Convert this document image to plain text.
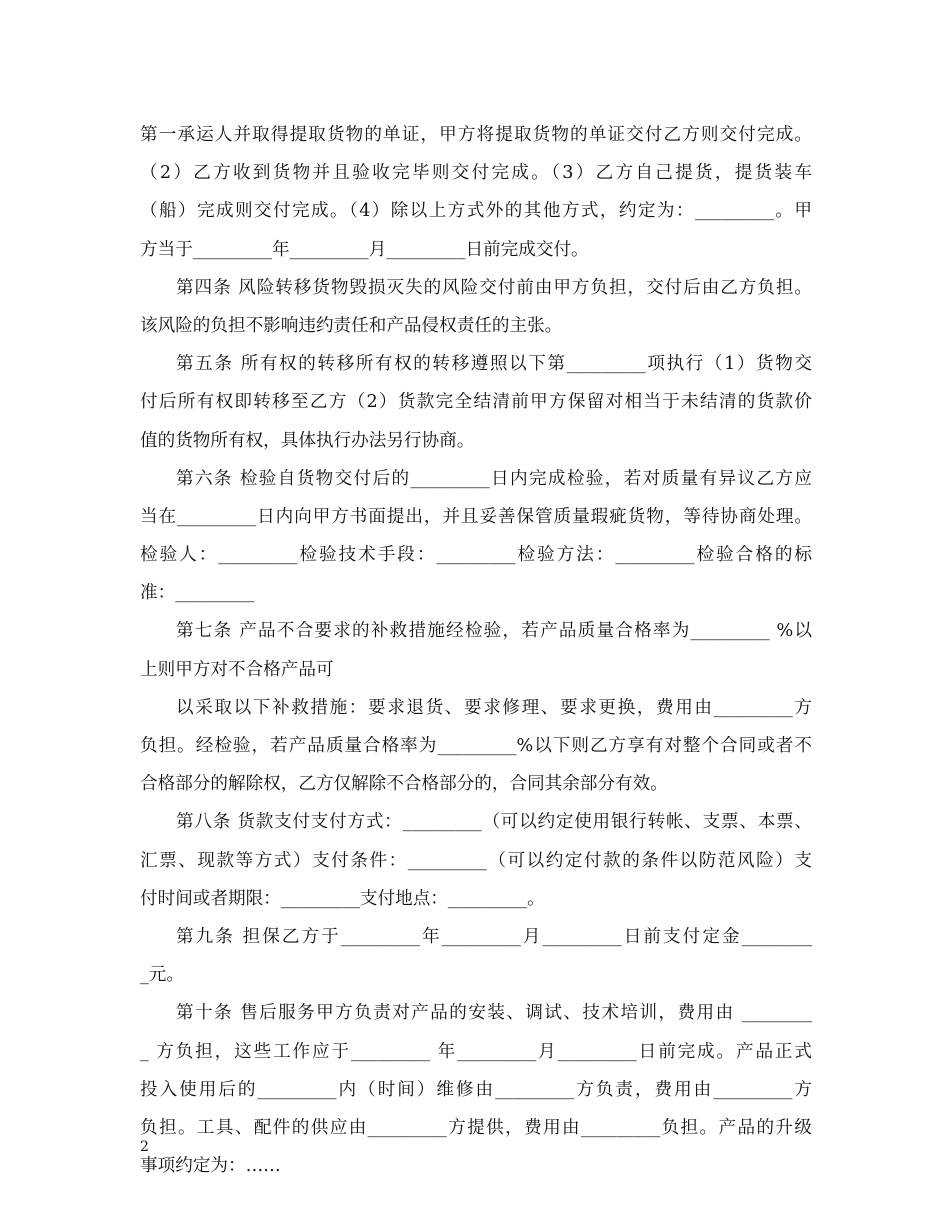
第一承运人并取得提取货物的单证，甲方将提取货物的单证交付乙方则交付完成。
（2）乙方收到货物并且验收完毕则交付完成。（3）乙方自己提货，提货装车
（船）完成则交付完成。（4）除以上方式外的其他方式，约定为：_________。甲
方当于_________年_________月_________日前完成交付。
第四条 风险转移货物毁损灭失的风险交付前由甲方负担，交付后由乙方负担。
该风险的负担不影响违约责任和产品侵权责任的主张。
第五条 所有权的转移所有权的转移遵照以下第_________项执行（1）货物交
付后所有权即转移至乙方（2）货款完全结清前甲方保留对相当于未结清的货款价
值的货物所有权，具体执行办法另行协商。
第六条 检验自货物交付后的_________日内完成检验，若对质量有异议乙方应
当在_________日内向甲方书面提出，并且妥善保管质量瑕疵货物，等待协商处理。
检验人：_________检验技术手段：_________检验方法：_________检验合格的标
准：_________
第七条 产品不合要求的补救措施经检验，若产品质量合格率为_________ %以
上则甲方对不合格产品可
以采取以下补救措施：要求退货、要求修理、要求更换，费用由_________方
负担。经检验，若产品质量合格率为_________%以下则乙方享有对整个合同或者不
合格部分的解除权，乙方仅解除不合格部分的，合同其余部分有效。
第八条 货款支付支付方式：_________（可以约定使用银行转帐、支票、本票、
汇票、现款等方式）支付条件：_________（可以约定付款的条件以防范风险）支
付时间或者期限：_________支付地点：_________。
第九条 担保乙方于_________年_________月_________日前支付定金________
_元。
第十条 售后服务甲方负责对产品的安装、调试、技术培训，费用由 ________
_ 方负担，这些工作应于_________ 年_________月_________日前完成。产品正式
投入使用后的_________内（时间）维修由_________方负责，费用由_________方
负担。工具、配件的供应由_________方提供，费用由_________负担。产品的升级
事项约定为：……
2
